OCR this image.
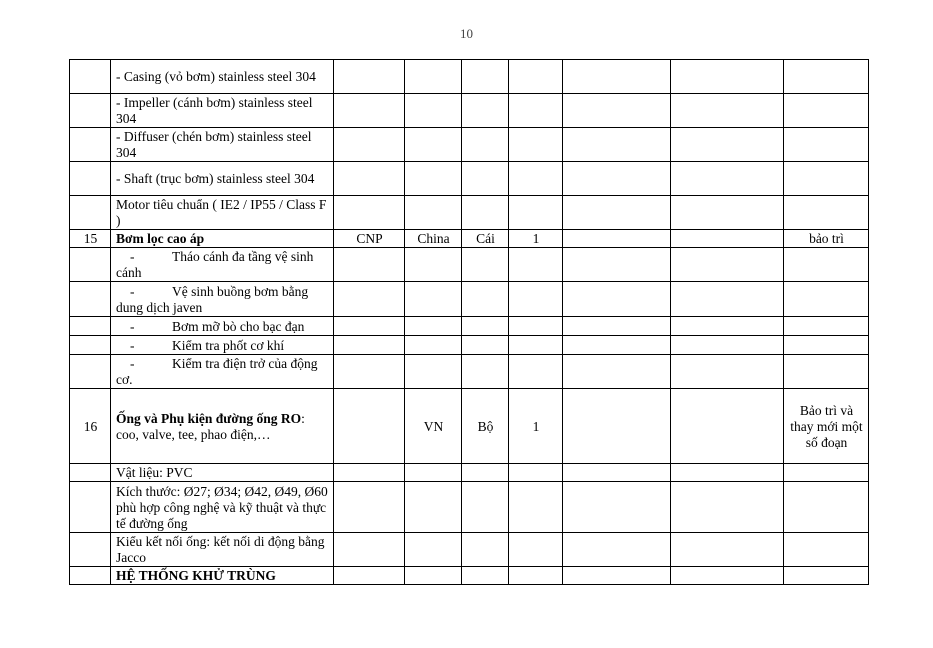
10
	- Casing (vỏ bơm) stainless steel 304							
	- Impeller (cánh bơm) stainless steel 304							
	- Diffuser (chén bơm) stainless steel 304							
	- Shaft (trục bơm) stainless steel 304							
	Motor tiêu chuẩn ( IE2 / IP55 / Class F )							
15	Bơm lọc cao áp	CNP	China	Cái	1			bảo trì
	- Tháo cánh đa tầng vệ sinh cánh							
	- Vệ sinh buồng bơm bằng dung dịch javen							
	- Bơm mỡ bò cho bạc đạn							
	- Kiểm tra phốt cơ khí							
	- Kiểm tra điện trở của động cơ.							
16	Ống và Phụ kiện đường ống RO: coo, valve, tee, phao điện,…		VN	Bộ	1			Bảo trì và thay mới một số đoạn
	Vật liệu: PVC							
	Kích thước: Ø27; Ø34; Ø42, Ø49, Ø60 phù hợp công nghệ và kỹ thuật và thực tế đường ống							
	Kiểu kết nối ống: kết nối di động bằng Jacco							
	HỆ THỐNG KHỬ TRÙNG							
